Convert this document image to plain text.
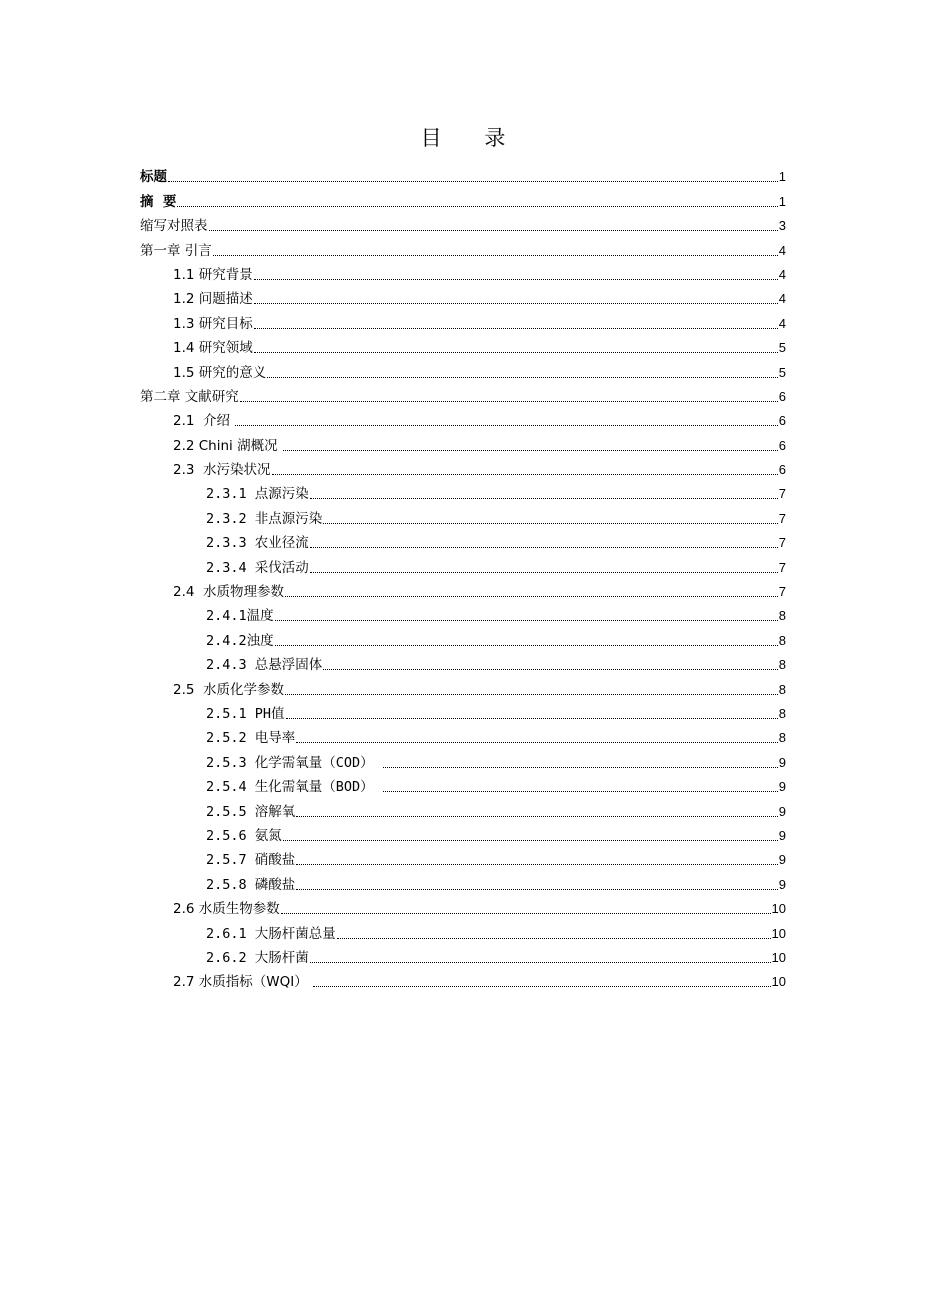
目 录
标题	1
摘  要	1
缩写对照表	3
第一章 引言	4
1.1 研究背景	4
1.2 问题描述	4
1.3 研究目标	4
1.4 研究领域	5
1.5 研究的意义	5
第二章 文献研究	6
2.1  介绍	6
2.2 Chini 湖概况	6
2.3  水污染状况	6
2.3.1 点源污染	7
2.3.2 非点源污染	7
2.3.3 农业径流	7
2.3.4 采伐活动	7
2.4  水质物理参数	7
2.4.1温度	8
2.4.2浊度	8
2.4.3 总悬浮固体	8
2.5  水质化学参数	8
2.5.1 PH值	8
2.5.2 电导率	8
2.5.3 化学需氧量（COD）	9
2.5.4 生化需氧量（BOD）	9
2.5.5 溶解氧	9
2.5.6 氨氮	9
2.5.7 硝酸盐	9
2.5.8 磷酸盐	9
2.6 水质生物参数	10
2.6.1 大肠杆菌总量	10
2.6.2 大肠杆菌	10
2.7 水质指标（WQI）	10
